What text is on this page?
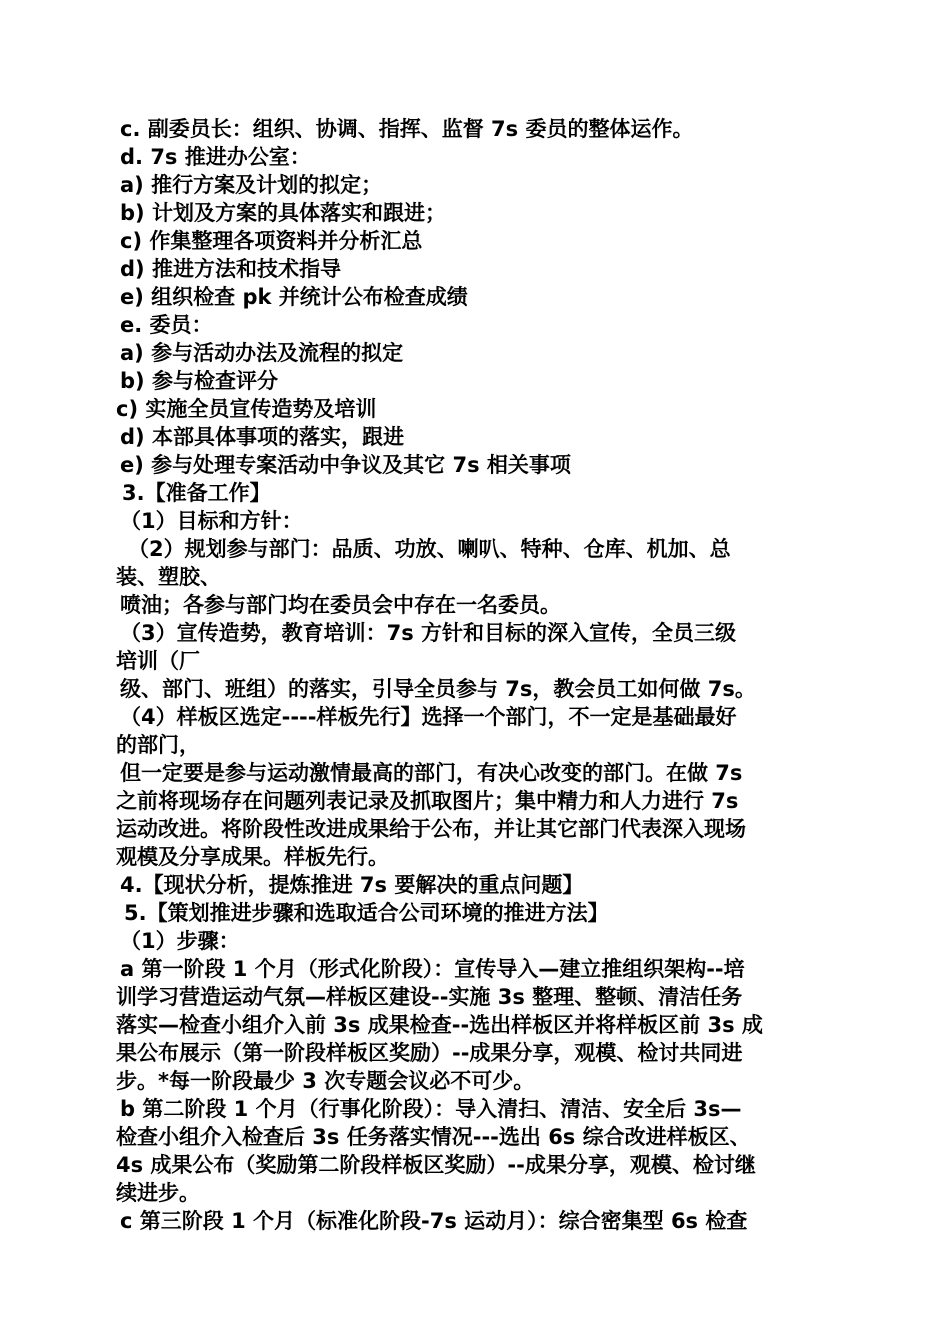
c. 副委员长：组织、协调、指挥、监督 7s 委员的整体运作。
d. 7s 推进办公室：
a) 推行方案及计划的拟定；
b) 计划及方案的具体落实和跟进；
c) 作集整理各项资料并分析汇总
d) 推进方法和技术指导
e) 组织检查 pk 并统计公布检查成绩
e. 委员：
a) 参与活动办法及流程的拟定
b) 参与检查评分
c) 实施全员宣传造势及培训
d) 本部具体事项的落实，跟进
e) 参与处理专案活动中争议及其它 7s 相关事项
3.【准备工作】
（1）目标和方针：
（2）规划参与部门：品质、功放、喇叭、特种、仓库、机加、总
装、塑胶、
喷油；各参与部门均在委员会中存在一名委员。
（3）宣传造势，教育培训：7s 方针和目标的深入宣传，全员三级
培训（厂
级、部门、班组）的落实，引导全员参与 7s，教会员工如何做 7s。
（4）样板区选定----样板先行】选择一个部门，不一定是基础最好
的部门，
但一定要是参与运动激情最高的部门，有决心改变的部门。在做 7s
之前将现场存在问题列表记录及抓取图片；集中精力和人力进行 7s
运动改进。将阶段性改进成果给于公布，并让其它部门代表深入现场
观模及分享成果。样板先行。
4.【现状分析，提炼推进 7s 要解决的重点问题】
5.【策划推进步骤和选取适合公司环境的推进方法】
（1）步骤：
a 第一阶段 1 个月（形式化阶段）：宣传导入—建立推组织架构--培
训学习营造运动气氛—样板区建设--实施 3s 整理、整顿、清洁任务
落实—检查小组介入前 3s 成果检查--选出样板区并将样板区前 3s 成
果公布展示（第一阶段样板区奖励）--成果分享，观模、检讨共同进
步。*每一阶段最少 3 次专题会议必不可少。
b 第二阶段 1 个月（行事化阶段）：导入清扫、清洁、安全后 3s—
检查小组介入检查后 3s 任务落实情况---选出 6s 综合改进样板区、
4s 成果公布（奖励第二阶段样板区奖励）--成果分享，观模、检讨继
续进步。
c 第三阶段 1 个月（标准化阶段-7s 运动月）：综合密集型 6s 检查
